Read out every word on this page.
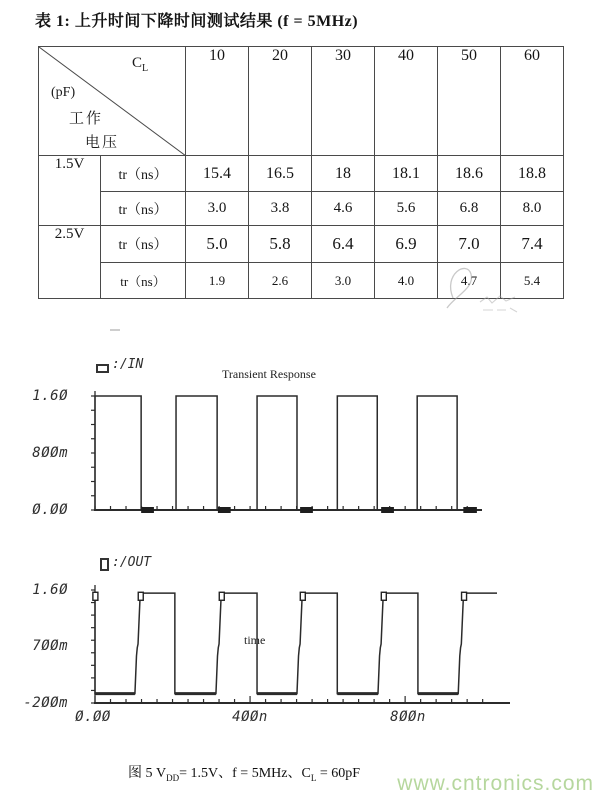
表 1: 上升时间下降时间测试结果 (f = 5MHz)
$C_L$
(pF)
工作
电压		10	20	30	40	50	60
1.5V	tr（ns）	15.4	16.5	18	18.1	18.6	18.8
	tr（ns）	3.0	3.8	4.6	5.6	6.8	8.0
2.5V	tr（ns）	5.0	5.8	6.4	6.9	7.0	7.4
	tr（ns）	1.9	2.6	3.0	4.0	4.7	5.4
:/IN
Transient Response
1.6Ø
8ØØm
Ø.ØØ
:/OUT
1.6Ø
7ØØm
-2ØØm
time
Ø.ØØ	4ØØn	8ØØn
图 5 $V_{DD}= 1.5V$、f = 5MHz、$C_L = 60pF$ www.cntronics.com
